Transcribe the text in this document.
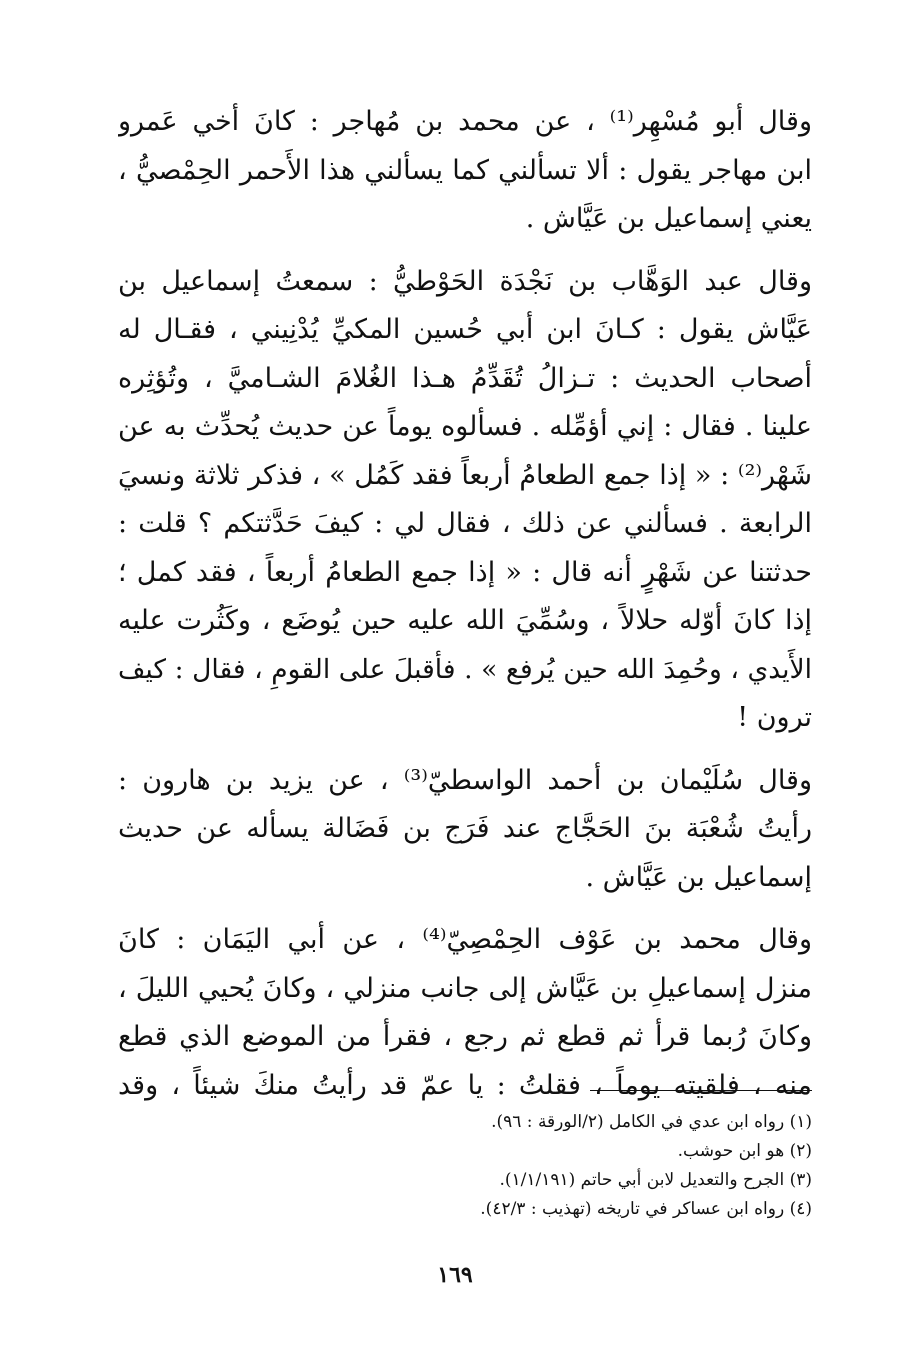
وقال أبو مُسْهِر⁽¹⁾ ، عن محمد بن مُهاجر : كانَ أخي عَمرو
ابن مهاجر يقول : ألا تسألني كما يسألني هذا الأَحمر الحِمْصيُّ ،
يعني إسماعيل بن عَيَّاش .
وقال عبد الوَهَّاب بن نَجْدَة الحَوْطيُّ : سمعتُ إسماعيل بن
عَيَّاش يقول : كـانَ ابن أبي حُسين المكيِّ يُدْنِيني ، فقـال له
أصحاب الحديث : تـزالُ تُقَدِّمُ هـذا الغُلامَ الشـاميَّ ، وتُؤثِره
علينا . فقال : إني أؤمِّله . فسألوه يوماً عن حديث يُحدِّث به عن
شَهْر⁽²⁾ : « إذا جمع الطعامُ أربعاً فقد كَمُل » ، فذكر ثلاثة ونسيَ
الرابعة . فسألني عن ذلك ، فقال لي : كيفَ حَدَّثتكم ؟ قلت :
حدثتنا عن شَهْرٍ أنه قال : « إذا جمع الطعامُ أربعاً ، فقد كمل ؛
إذا كانَ أوّله حلالاً ، وسُمِّيَ الله عليه حين يُوضَع ، وكَثُرت عليه
الأَيدي ، وحُمِدَ الله حين يُرفع » . فأقبلَ على القومِ ، فقال : كيف
ترون !
وقال سُلَيْمان بن أحمد الواسطيّ⁽³⁾ ، عن يزيد بن هارون :
رأيتُ شُعْبَة بنَ الحَجَّاج عند فَرَج بن فَضَالة يسأله عن حديث
إسماعيل بن عَيَّاش .
وقال محمد بن عَوْف الحِمْصِيّ⁽⁴⁾ ، عن أبي اليَمَان : كانَ
منزل إسماعيلِ بن عَيَّاش إلى جانب منزلي ، وكانَ يُحيي الليلَ ،
وكانَ رُبما قرأ ثم قطع ثم رجع ، فقرأ من الموضع الذي قطع
منه ، فلقيته يوماً ، فقلتُ : يا عمّ قد رأيتُ منكَ شيئاً ، وقد
(١) رواه ابن عدي في الكامل (٢/الورقة : ٩٦).
(٢) هو ابن حوشب.
(٣) الجرح والتعديل لابن أبي حاتم (١/١/١٩١).
(٤) رواه ابن عساكر في تاريخه (تهذيب : ٤٢/٣).
١٦٩
